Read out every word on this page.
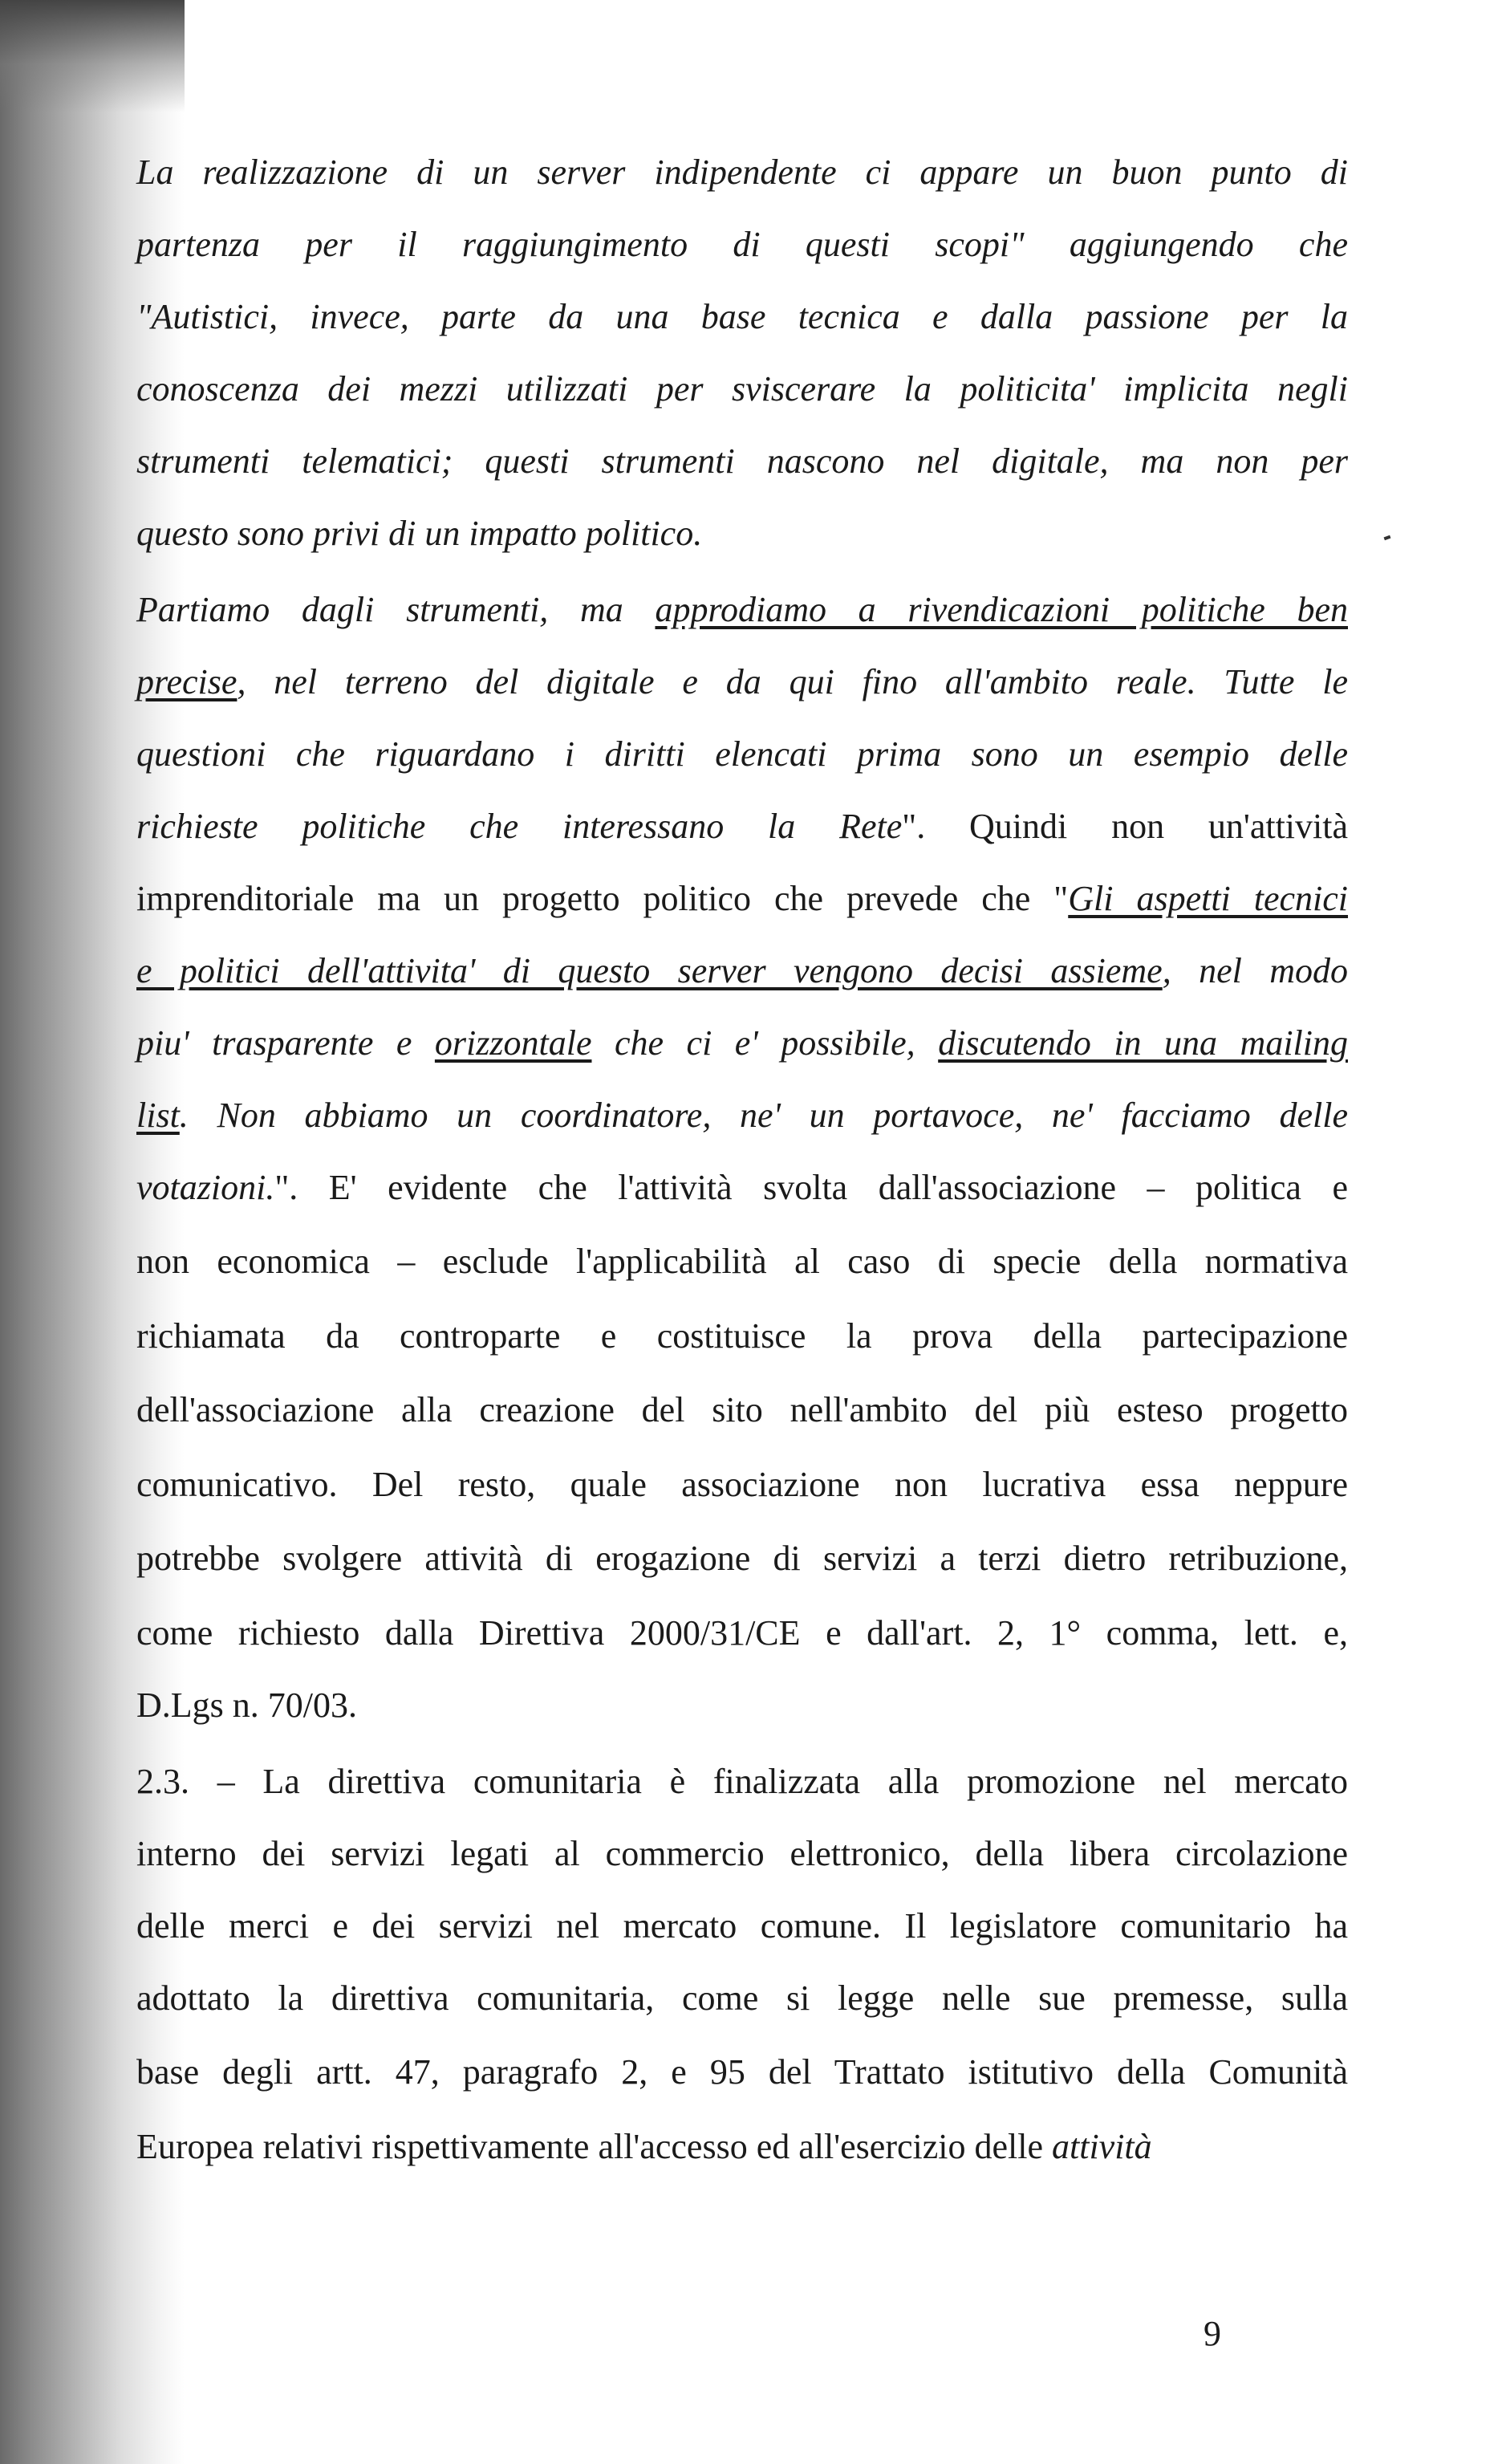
La realizzazione di un server indipendente ci appare un buon punto di
partenza per il raggiungimento di questi scopi" aggiungendo che
"Autistici, invece, parte da una base tecnica e dalla passione per la
conoscenza dei mezzi utilizzati per sviscerare la politicita' implicita negli
strumenti telematici; questi strumenti nascono nel digitale, ma non per
questo sono privi di un impatto politico.
Partiamo dagli strumenti, ma approdiamo a rivendicazioni politiche ben
precise, nel terreno del digitale e da qui fino all'ambito reale. Tutte le
questioni che riguardano i diritti elencati prima sono un esempio delle
richieste politiche che interessano la Rete". Quindi non un'attività
imprenditoriale ma un progetto politico che prevede che "Gli aspetti tecnici
e politici dell'attivita' di questo server vengono decisi assieme, nel modo
piu' trasparente e orizzontale che ci e' possibile, discutendo in una mailing
list. Non abbiamo un coordinatore, ne' un portavoce, ne' facciamo delle
votazioni.". E' evidente che l'attività svolta dall'associazione – politica e
non economica – esclude l'applicabilità al caso di specie della normativa
richiamata da controparte e costituisce la prova della partecipazione
dell'associazione alla creazione del sito nell'ambito del più esteso progetto
comunicativo. Del resto, quale associazione non lucrativa essa neppure
potrebbe svolgere attività di erogazione di servizi a terzi dietro retribuzione,
come richiesto dalla Direttiva 2000/31/CE e dall'art. 2, 1° comma, lett. e,
D.Lgs n. 70/03.
2.3. – La direttiva comunitaria è finalizzata alla promozione nel mercato
interno dei servizi legati al commercio elettronico, della libera circolazione
delle merci e dei servizi nel mercato comune. Il legislatore comunitario ha
adottato la direttiva comunitaria, come si legge nelle sue premesse, sulla
base degli artt. 47, paragrafo 2, e 95 del Trattato istitutivo della Comunità
Europea relativi rispettivamente all'accesso ed all'esercizio delle attività
9
